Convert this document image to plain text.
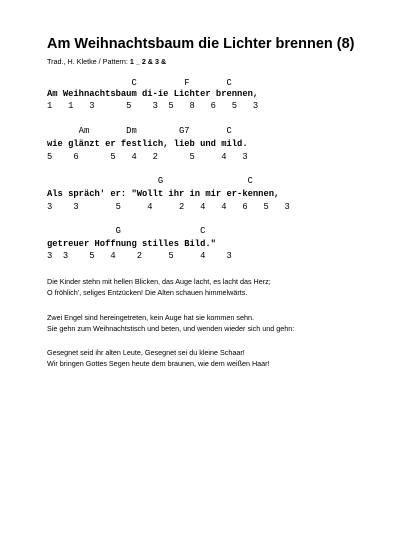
Am Weihnachtsbaum die Lichter brennen (8)
Trad., H. Kletke / Pattern: 1 _ 2 & 3 &
C         F       C
Am Weihnachtsbaum di-ie Lichter brennen,
1   1   3      5    3  5   8   6   5   3
Am       Dm        G7       C
wie glänzt er festlich, lieb und mild.
5    6      5   4   2      5     4   3
G                C
Als spräch' er: "Wollt ihr in mir er-kennen,
3    3       5     4     2   4   4   6   5   3
G               C
getreuer Hoffnung stilles Bild."
3  3    5   4    2     5     4    3
Die Kinder stehn mit hellen Blicken, das Auge lacht, es lacht das Herz;
O fröhlich', seliges Entzücken! Die Alten schauen himmelwärts.
Zwei Engel sind hereingetreten, kein Auge hat sie kommen sehn.
Sie gehn zum Weihnachtstisch und beten, und wenden wieder sich und gehn:
Gesegnet seid ihr alten Leute, Gesegnet sei du kleine Schaar!
Wir bringen Gottes Segen heute dem braunen, wie dem weißen Haar!
